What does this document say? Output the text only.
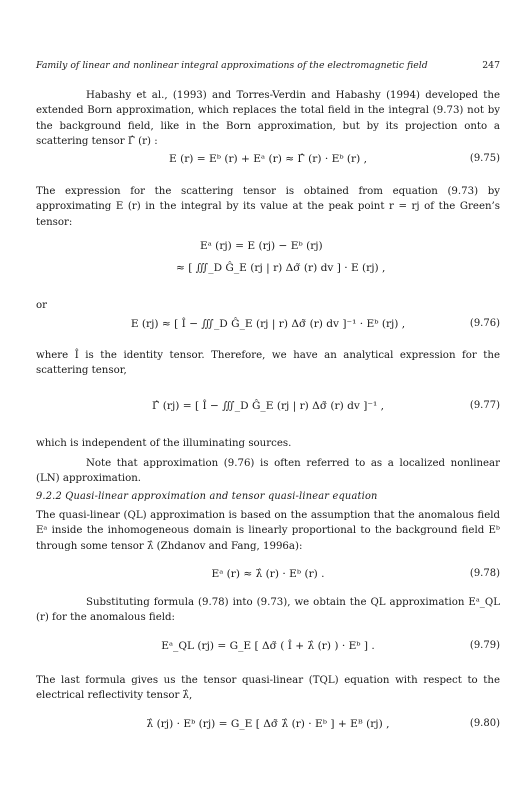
Family of linear and nonlinear integral approximations of the electromagnetic field	247
Habashy et al., (1993) and Torres-Verdin and Habashy (1994) developed the extended Born approximation, which replaces the total field in the integral (9.73) not by the background field, like in the Born approximation, but by its projection onto a scattering tensor Γ̂ (r) :
E (r) = Eᵇ (r) + Eᵃ (r) ≈ Γ̂ (r) · Eᵇ (r) ,	(9.75)
The expression for the scattering tensor is obtained from equation (9.73) by approximating E (r) in the integral by its value at the peak point r = rj of the Green’s tensor:
Eᵃ (rj) = E (rj) − Eᵇ (rj)
≈ [ ∭_D Ĝ_E (rj | r) Δσ̃ (r) dv ] · E (rj) ,
or
E (rj) ≈ [ Î − ∭_D Ĝ_E (rj | r) Δσ̃ (r) dv ]⁻¹ · Eᵇ (rj) ,	(9.76)
where Î is the identity tensor. Therefore, we have an analytical expression for the scattering tensor,
Γ̂ (rj) = [ Î − ∭_D Ĝ_E (rj | r) Δσ̃ (r) dv ]⁻¹ ,	(9.77)
which is independent of the illuminating sources.
Note that approximation (9.76) is often referred to as a localized nonlinear (LN) approximation.
9.2.2 Quasi-linear approximation and tensor quasi-linear equation
The quasi-linear (QL) approximation is based on the assumption that the anomalous field Eᵃ inside the inhomogeneous domain is linearly proportional to the background field Eᵇ through some tensor λ̂ (Zhdanov and Fang, 1996a):
Eᵃ (r) ≈ λ̂ (r) · Eᵇ (r) .	(9.78)
Substituting formula (9.78) into (9.73), we obtain the QL approximation Eᵃ_QL (r) for the anomalous field:
Eᵃ_QL (rj) = G_E [ Δσ̃ ( Î + λ̂ (r) ) · Eᵇ ] .	(9.79)
The last formula gives us the tensor quasi-linear (TQL) equation with respect to the electrical reflectivity tensor λ̂,
λ̂ (rj) · Eᵇ (rj) = G_E [ Δσ̃ λ̂ (r) · Eᵇ ] + Eᴮ (rj) ,	(9.80)
